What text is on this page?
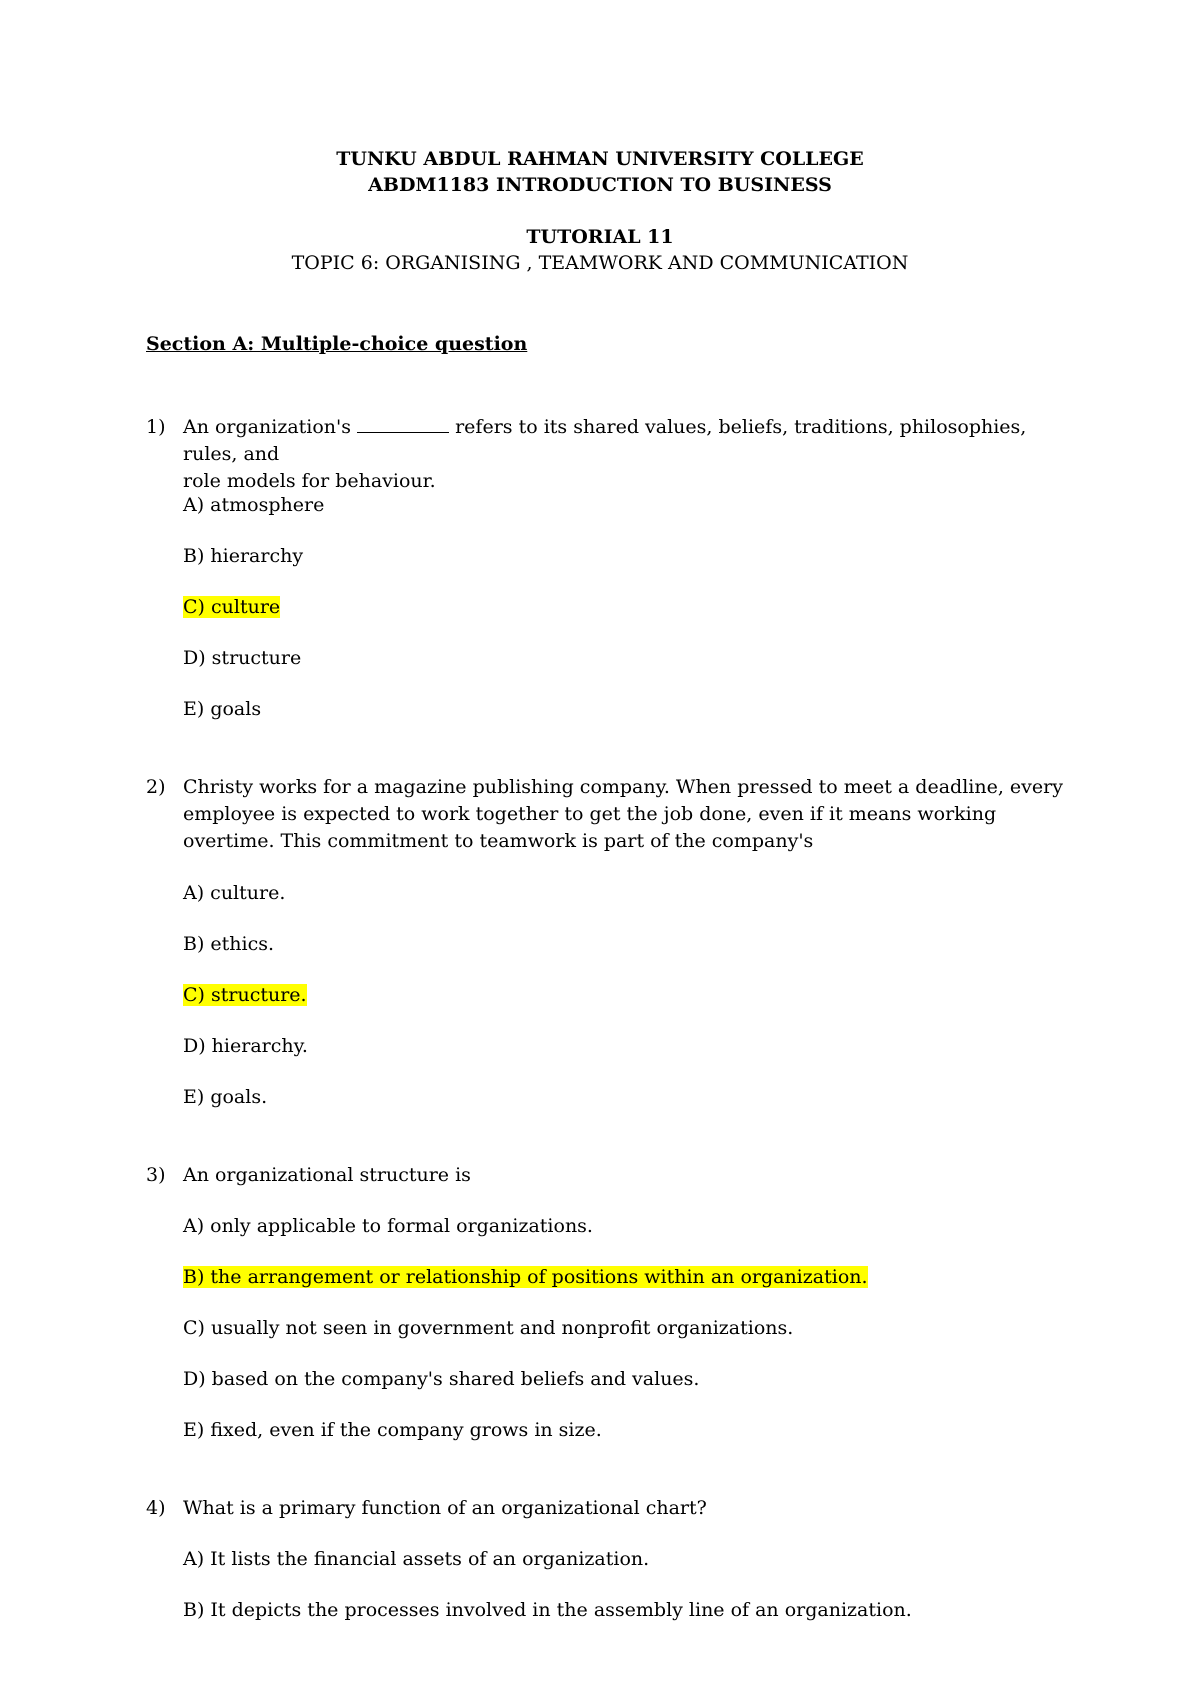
TUNKU ABDUL RAHMAN UNIVERSITY COLLEGE
ABDM1183 INTRODUCTION TO BUSINESS
TUTORIAL 11
TOPIC 6: ORGANISING , TEAMWORK AND COMMUNICATION
Section A: Multiple-choice question
1) An organization's	refers to its shared values, beliefs, traditions, philosophies, rules, and
role models for behaviour.
A) atmosphere
B) hierarchy
C) culture
D) structure
E) goals
2) Christy works for a magazine publishing company. When pressed to meet a deadline, every
employee is expected to work together to get the job done, even if it means working
overtime. This commitment to teamwork is part of the company's
A) culture.
B) ethics.
C) structure.
D) hierarchy.
E) goals.
3) An organizational structure is
A) only applicable to formal organizations.
B) the arrangement or relationship of positions within an organization.
C) usually not seen in government and nonprofit organizations.
D) based on the company's shared beliefs and values.
E) fixed, even if the company grows in size.
4) What is a primary function of an organizational chart?
A) It lists the financial assets of an organization.
B) It depicts the processes involved in the assembly line of an organization.
